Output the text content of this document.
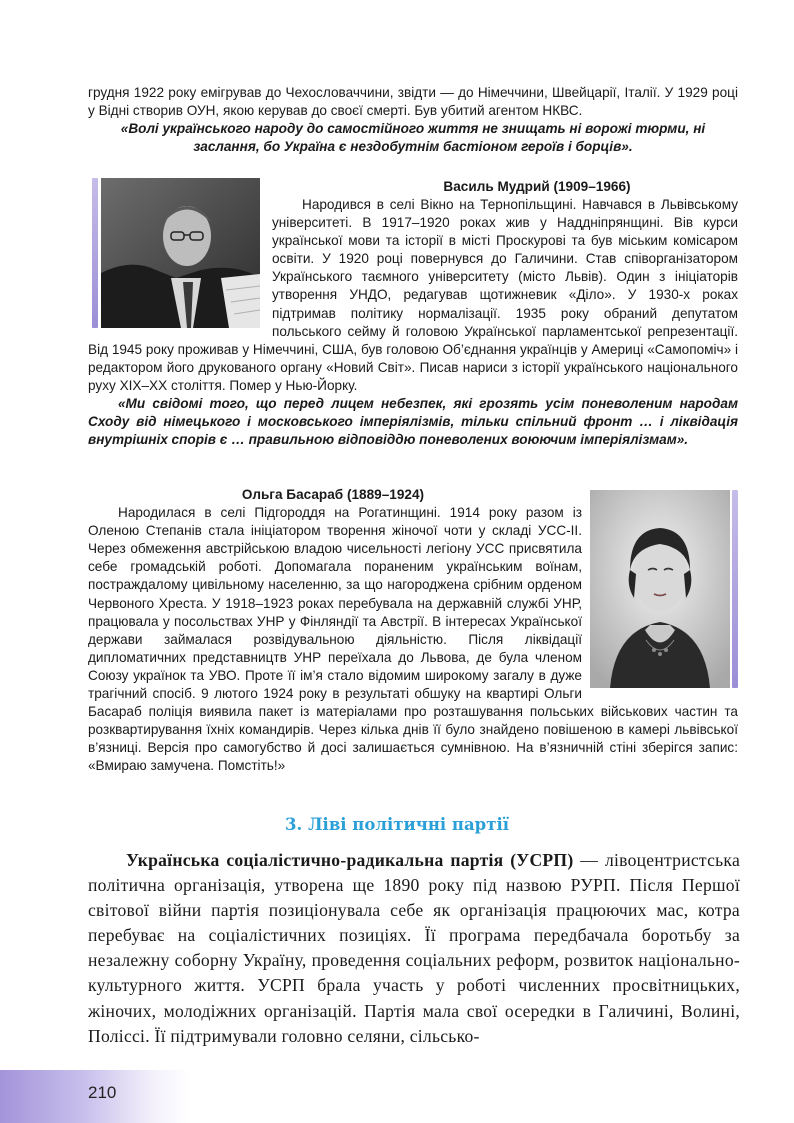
грудня 1922 року емігрував до Чехословаччини, звідти — до Німеччини, Швейцарії, Італії. У 1929 році у Відні створив ОУН, якою керував до своєї смерті. Був убитий агентом НКВС.
«Волі українського народу до самостійного життя не знищать ні ворожі тюрми, ні заслання, бо Україна є нездобутнім бастіоном героїв і борців».
Василь Мудрий (1909–1966)
Народився в селі Вікно на Тернопільщині. Навчався в Львівському університеті. В 1917–1920 роках жив у Наддніпрянщині. Вів курси української мови та історії в місті Проскурові та був міським комісаром освіти. У 1920 році повернувся до Галичини. Став співорганізатором Українського таємного університету (місто Львів). Один з ініціаторів утворення УНДО, редагував щотижневик «Діло». У 1930-х роках підтримав політику нормалізації. 1935 року обраний депутатом польського сейму й головою Української парламентської репрезентації. Від 1945 року проживав у Німеччині, США, був головою Об’єднання українців у Америці «Самопоміч» і редактором його друкованого органу «Новий Світ». Писав нариси з історії українського національного руху XIX–XX століття. Помер у Нью-Йорку.
«Ми свідомі того, що перед лицем небезпек, які грозять усім поневоленим народам Сходу від німецького і московського імперіялізмів, тільки спільний фронт … і ліквідація внутрішніх спорів є … правильною відповіддю поневолених воюючим імперіялізмам».
Ольга Басараб (1889–1924)
Народилася в селі Підгороддя на Рогатинщині. 1914 року разом із Оленою Степанів стала ініціатором творення жіночої чоти у складі УСС-ІІ. Через обмеження австрійською владою чисельності легіону УСС присвятила себе громадській роботі. Допомагала пораненим українським воїнам, постраждалому цивільному населенню, за що нагороджена срібним орденом Червоного Хреста. У 1918–1923 роках перебувала на державній службі УНР, працювала у посольствах УНР у Фінляндії та Австрії. В інтересах Української держави займалася розвідувальною діяльністю. Після ліквідації дипломатичних представництв УНР переїхала до Львова, де була членом Союзу українок та УВО. Проте її ім’я стало відомим широкому загалу в дуже трагічний спосіб. 9 лютого 1924 року в результаті обшуку на квартирі Ольги Басараб поліція виявила пакет із матеріалами про розташування польських військових частин та розквартирування їхніх командирів. Через кілька днів її було знайдено повішеною в камері львівської в’язниці. Версія про самогубство й досі залишається сумнівною. На в’язничній стіні зберігся запис: «Вмираю замучена. Помстіть!»
3. Ліві політичні партії

Українська соціалістично-радикальна партія (УСРП) — лівоцентристська політична організація, утворена ще 1890 року під назвою РУРП. Після Першої світової війни партія позиціонувала себе як організація працюючих мас, котра перебуває на соціалістичних позиціях. Її програма передбачала боротьбу за незалежну соборну Україну, проведення соціальних реформ, розвиток національно-культурного життя. УСРП брала участь у роботі численних просвітницьких, жіночих, молодіжних організацій. Партія мала свої осередки в Галичині, Волині, Поліссі. Її підтримували головно селяни, сільсько-

210
